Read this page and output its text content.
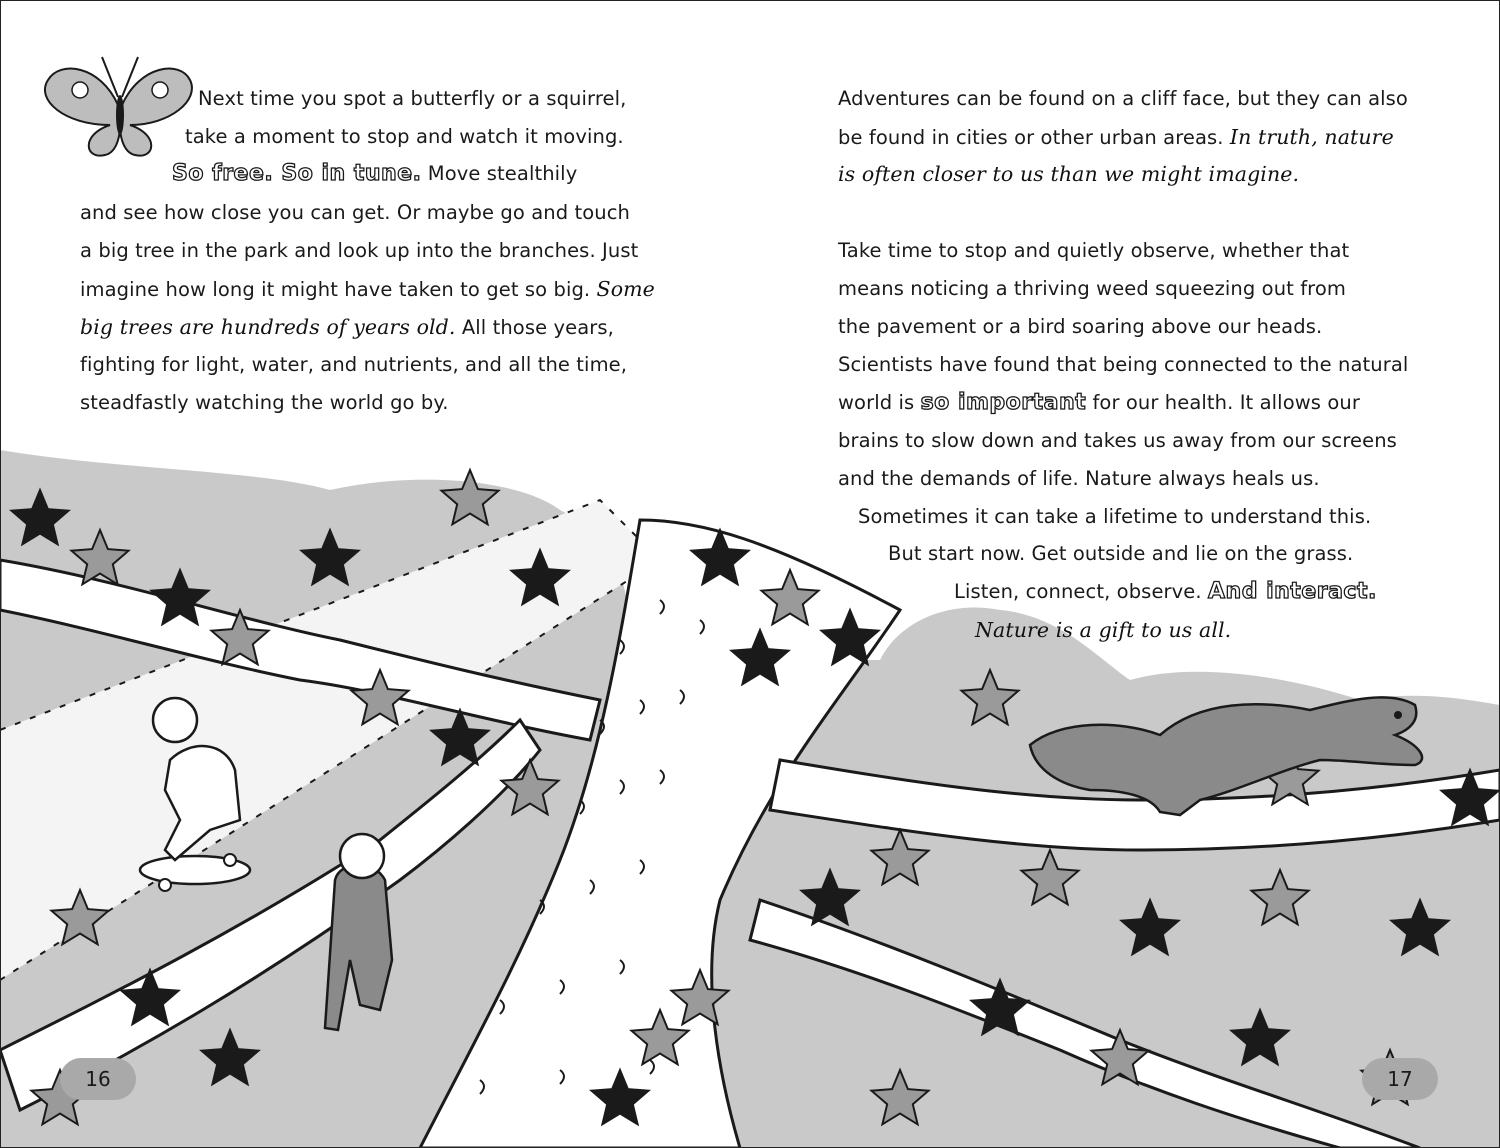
Next time you spot a butterfly or a squirrel,
take a moment to stop and watch it moving.
So free. So in tune. Move stealthily
and see how close you can get. Or maybe go and touch
a big tree in the park and look up into the branches. Just
imagine how long it might have taken to get so big. Some
big trees are hundreds of years old. All those years,
fighting for light, water, and nutrients, and all the time,
steadfastly watching the world go by.
Adventures can be found on a cliff face, but they can also
be found in cities or other urban areas. In truth, nature
is often closer to us than we might imagine.
Take time to stop and quietly observe, whether that
means noticing a thriving weed squeezing out from
the pavement or a bird soaring above our heads.
Scientists have found that being connected to the natural
world is so important for our health. It allows our
brains to slow down and takes us away from our screens
and the demands of life. Nature always heals us.
Sometimes it can take a lifetime to understand this.
But start now. Get outside and lie on the grass.
Listen, connect, observe. And interact.
Nature is a gift to us all.
16	17
